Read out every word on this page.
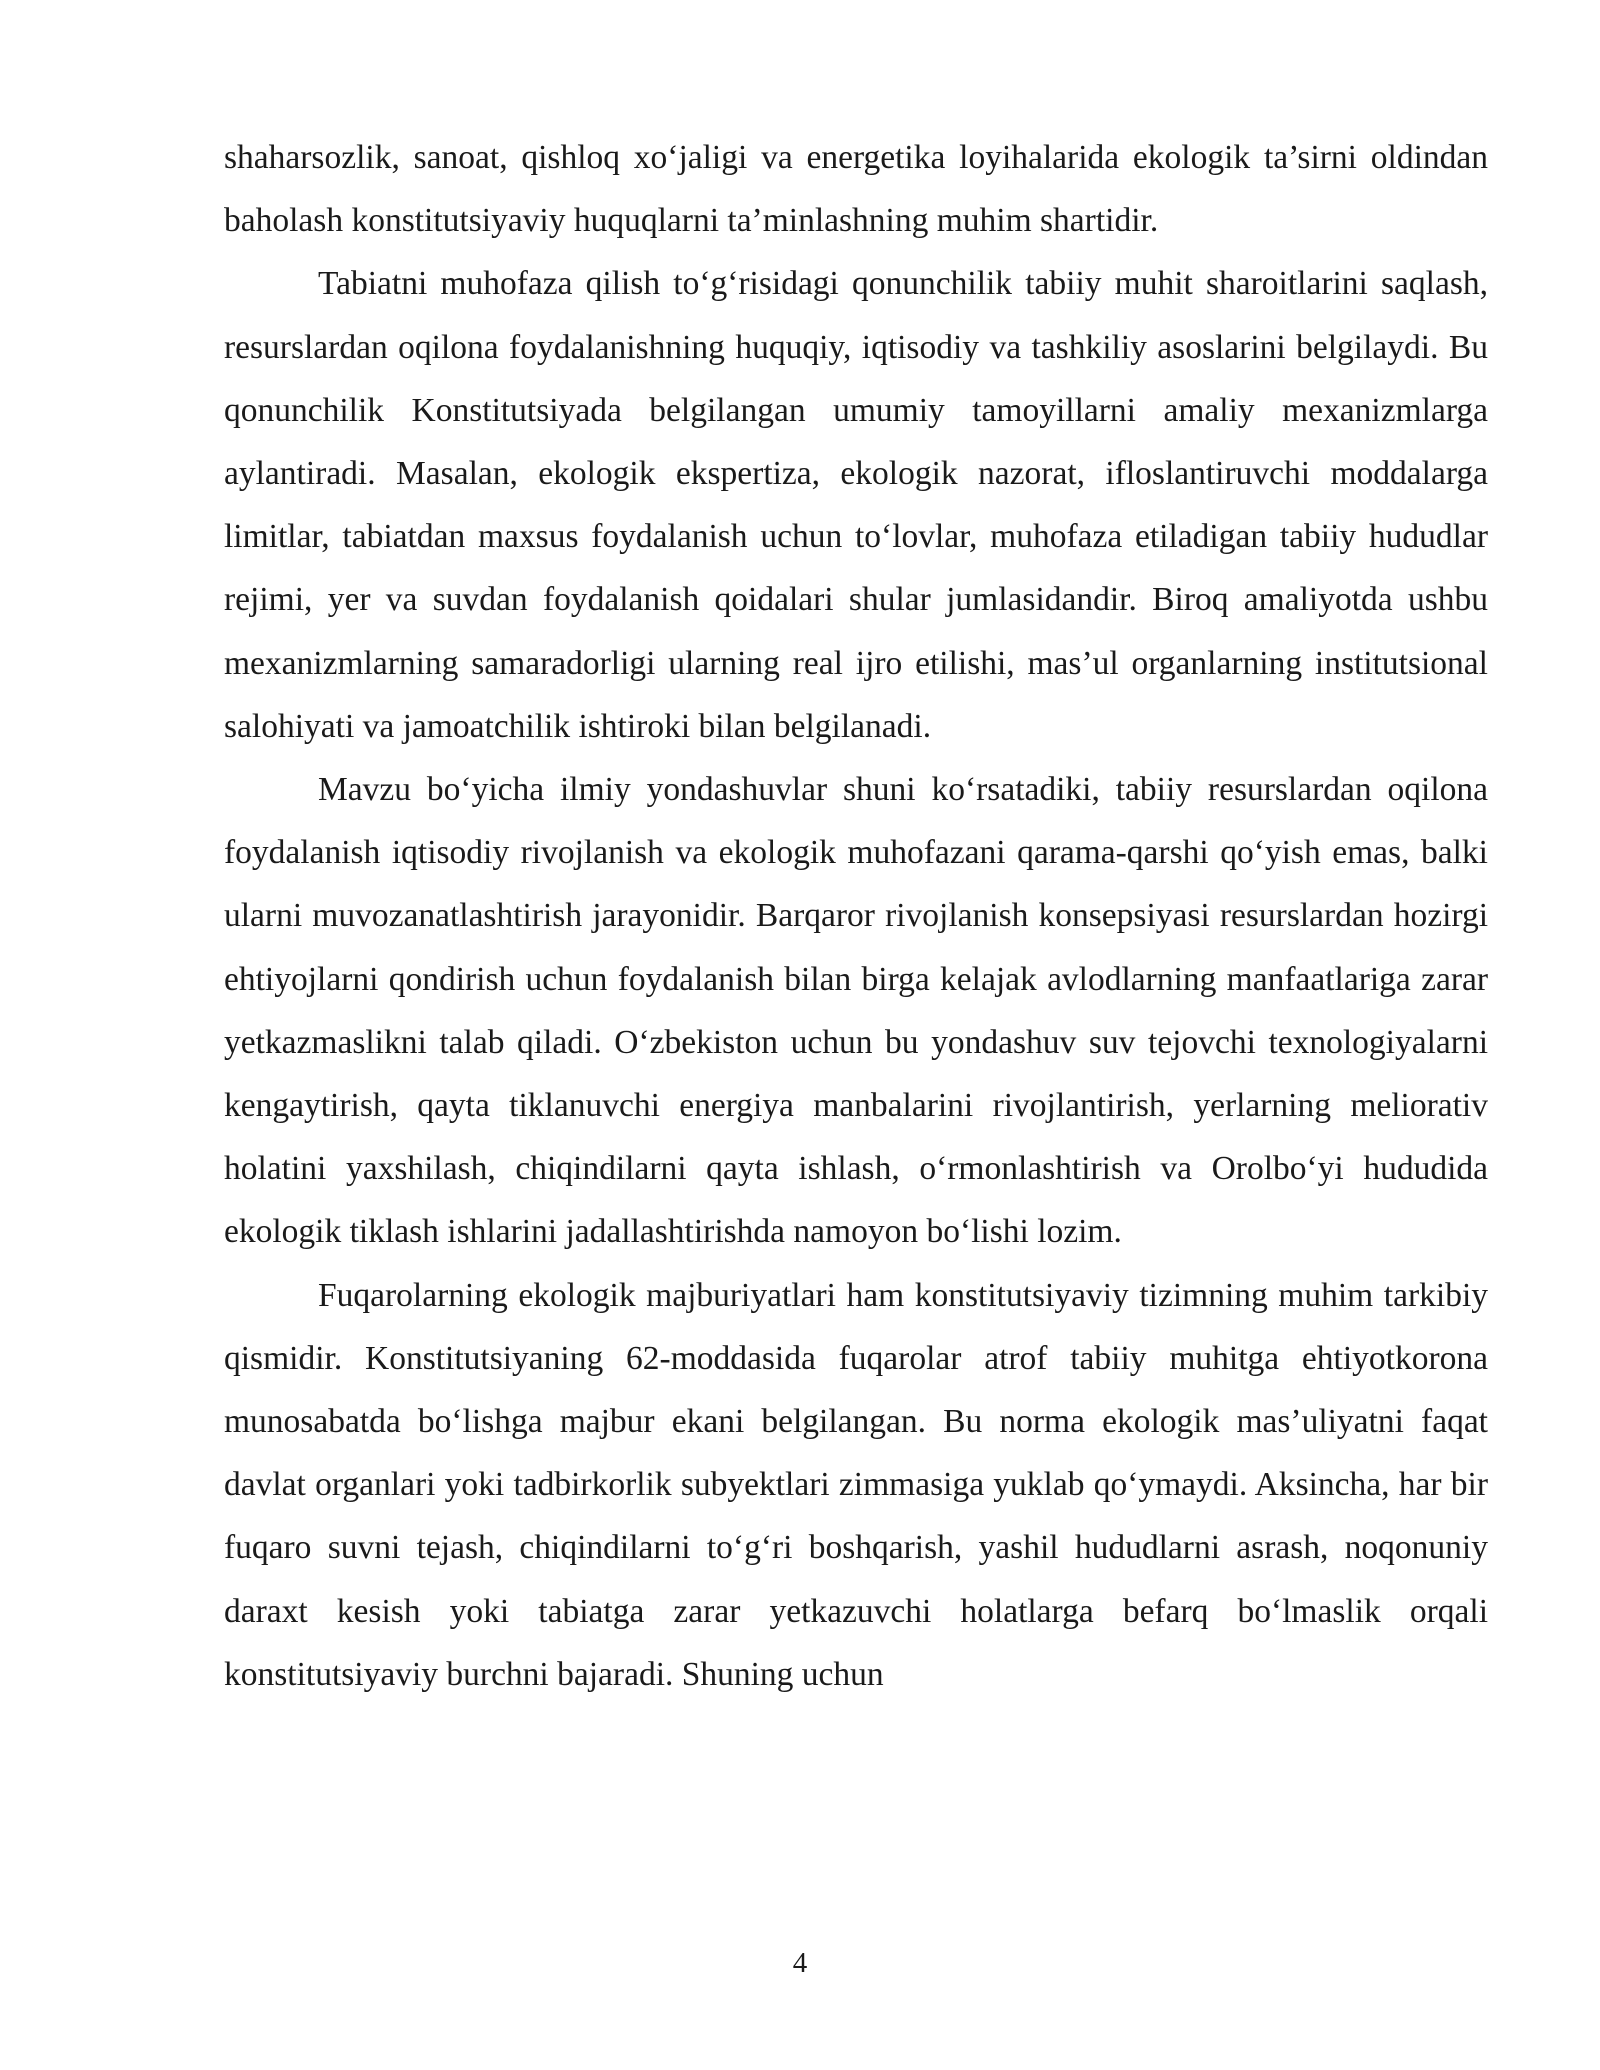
shaharsozlik, sanoat, qishloq xo‘jaligi va energetika loyihalarida ekologik ta’sirni oldindan baholash konstitutsiyaviy huquqlarni ta’minlashning muhim shartidir.

Tabiatni muhofaza qilish to‘g‘risidagi qonunchilik tabiiy muhit sharoitlarini saqlash, resurslardan oqilona foydalanishning huquqiy, iqtisodiy va tashkiliy asoslarini belgilaydi. Bu qonunchilik Konstitutsiyada belgilangan umumiy tamoyillarni amaliy mexanizmlarga aylantiradi. Masalan, ekologik ekspertiza, ekologik nazorat, ifloslantiruvchi moddalarga limitlar, tabiatdan maxsus foydalanish uchun to‘lovlar, muhofaza etiladigan tabiiy hududlar rejimi, yer va suvdan foydalanish qoidalari shular jumlasidandir. Biroq amaliyotda ushbu mexanizmlarning samaradorligi ularning real ijro etilishi, mas’ul organlarning institutsional salohiyati va jamoatchilik ishtiroki bilan belgilanadi.

Mavzu bo‘yicha ilmiy yondashuvlar shuni ko‘rsatadiki, tabiiy resurslardan oqilona foydalanish iqtisodiy rivojlanish va ekologik muhofazani qarama-qarshi qo‘yish emas, balki ularni muvozanatlashtirish jarayonidir. Barqaror rivojlanish konsepsiyasi resurslardan hozirgi ehtiyojlarni qondirish uchun foydalanish bilan birga kelajak avlodlarning manfaatlariga zarar yetkazmaslikni talab qiladi. O‘zbekiston uchun bu yondashuv suv tejovchi texnologiyalarni kengaytirish, qayta tiklanuvchi energiya manbalarini rivojlantirish, yerlarning meliorativ holatini yaxshilash, chiqindilarni qayta ishlash, o‘rmonlashtirish va Orolbo‘yi hududida ekologik tiklash ishlarini jadallashtirishda namoyon bo‘lishi lozim.

Fuqarolarning ekologik majburiyatlari ham konstitutsiyaviy tizimning muhim tarkibiy qismidir. Konstitutsiyaning 62-moddasida fuqarolar atrof tabiiy muhitga ehtiyotkorona munosabatda bo‘lishga majbur ekani belgilangan. Bu norma ekologik mas’uliyatni faqat davlat organlari yoki tadbirkorlik subyektlari zimmasiga yuklab qo‘ymaydi. Aksincha, har bir fuqaro suvni tejash, chiqindilarni to‘g‘ri boshqarish, yashil hududlarni asrash, noqonuniy daraxt kesish yoki tabiatga zarar yetkazuvchi holatlarga befarq bo‘lmaslik orqali konstitutsiyaviy burchni bajaradi. Shuning uchun

4
